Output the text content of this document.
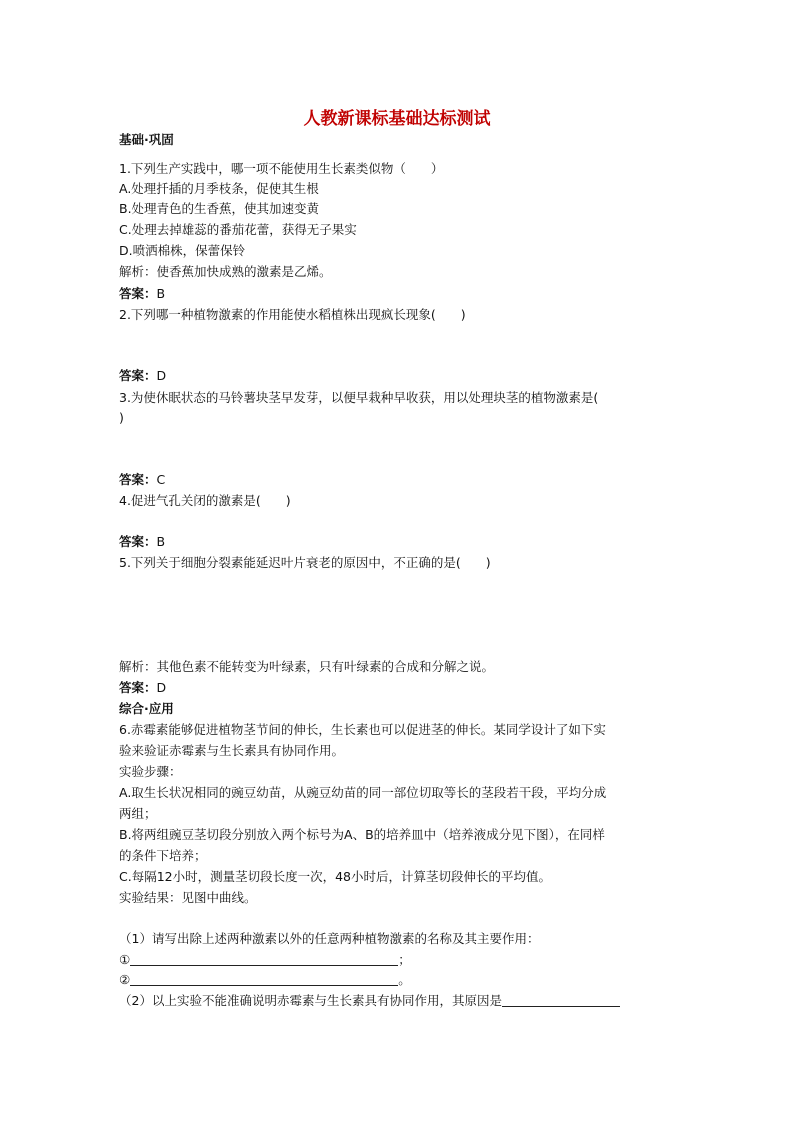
人教新课标基础达标测试
基础·巩固
1.下列生产实践中，哪一项不能使用生长素类似物（　　）
A.处理扦插的月季枝条，促使其生根
B.处理青色的生香蕉，使其加速变黄
C.处理去掉雄蕊的番茄花蕾，获得无子果实
D.喷洒棉株，保蕾保铃
解析：使香蕉加快成熟的激素是乙烯。
答案：B
2.下列哪一种植物激素的作用能使水稻植株出现疯长现象(　　)
答案：D
3.为使休眠状态的马铃薯块茎早发芽，以便早栽种早收获，用以处理块茎的植物激素是(
)
答案：C
4.促进气孔关闭的激素是(　　)
答案：B
5.下列关于细胞分裂素能延迟叶片衰老的原因中，不正确的是(　　)
解析：其他色素不能转变为叶绿素，只有叶绿素的合成和分解之说。
答案：D
综合·应用
6.赤霉素能够促进植物茎节间的伸长，生长素也可以促进茎的伸长。某同学设计了如下实
验来验证赤霉素与生长素具有协同作用。
实验步骤：
A.取生长状况相同的豌豆幼苗，从豌豆幼苗的同一部位切取等长的茎段若干段，平均分成
两组；
B.将两组豌豆茎切段分别放入两个标号为A、B的培养皿中（培养液成分见下图），在同样
的条件下培养；
C.每隔12小时，测量茎切段长度一次，48小时后，计算茎切段伸长的平均值。
实验结果：见图中曲线。
（1）请写出除上述两种激素以外的任意两种植物激素的名称及其主要作用：
①	；
②	。
（2）以上实验不能准确说明赤霉素与生长素具有协同作用，其原因是
